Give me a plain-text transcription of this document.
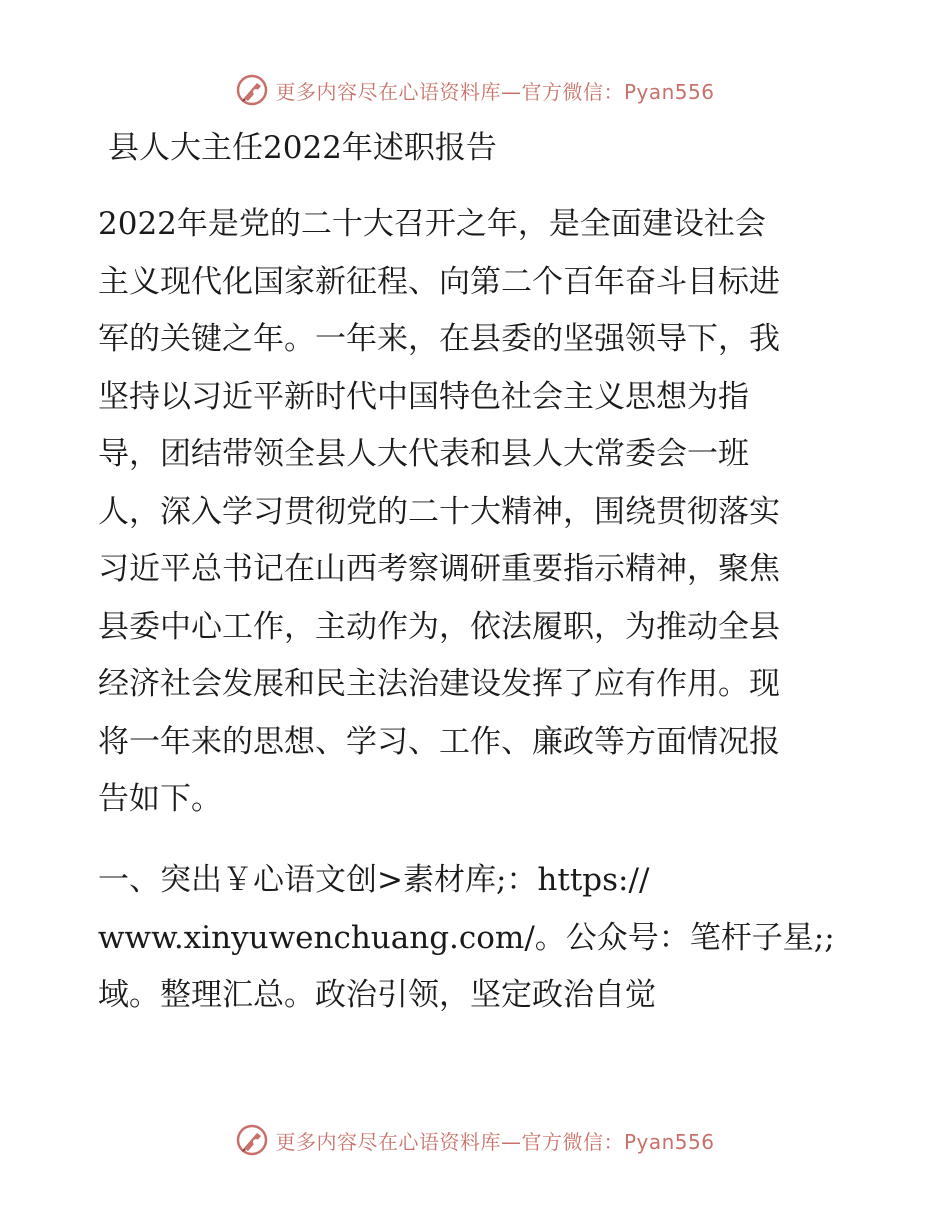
更多内容尽在心语资料库—官方微信：Pyan556
县人大主任2022年述职报告
2022年是党的二十大召开之年，是全面建设社会
主义现代化国家新征程、向第二个百年奋斗目标进
军的关键之年。一年来，在县委的坚强领导下，我
坚持以习近平新时代中国特色社会主义思想为指
导，团结带领全县人大代表和县人大常委会一班
人，深入学习贯彻党的二十大精神，围绕贯彻落实
习近平总书记在山西考察调研重要指示精神，聚焦
县委中心工作，主动作为，依法履职，为推动全县
经济社会发展和民主法治建设发挥了应有作用。现
将一年来的思想、学习、工作、廉政等方面情况报
告如下。
一、突出￥心语文创>素材库;：https://
www.xinyuwenchuang.com/。公众号：笔杆子星;;
域。整理汇总。政治引领，坚定政治自觉
更多内容尽在心语资料库—官方微信：Pyan556
